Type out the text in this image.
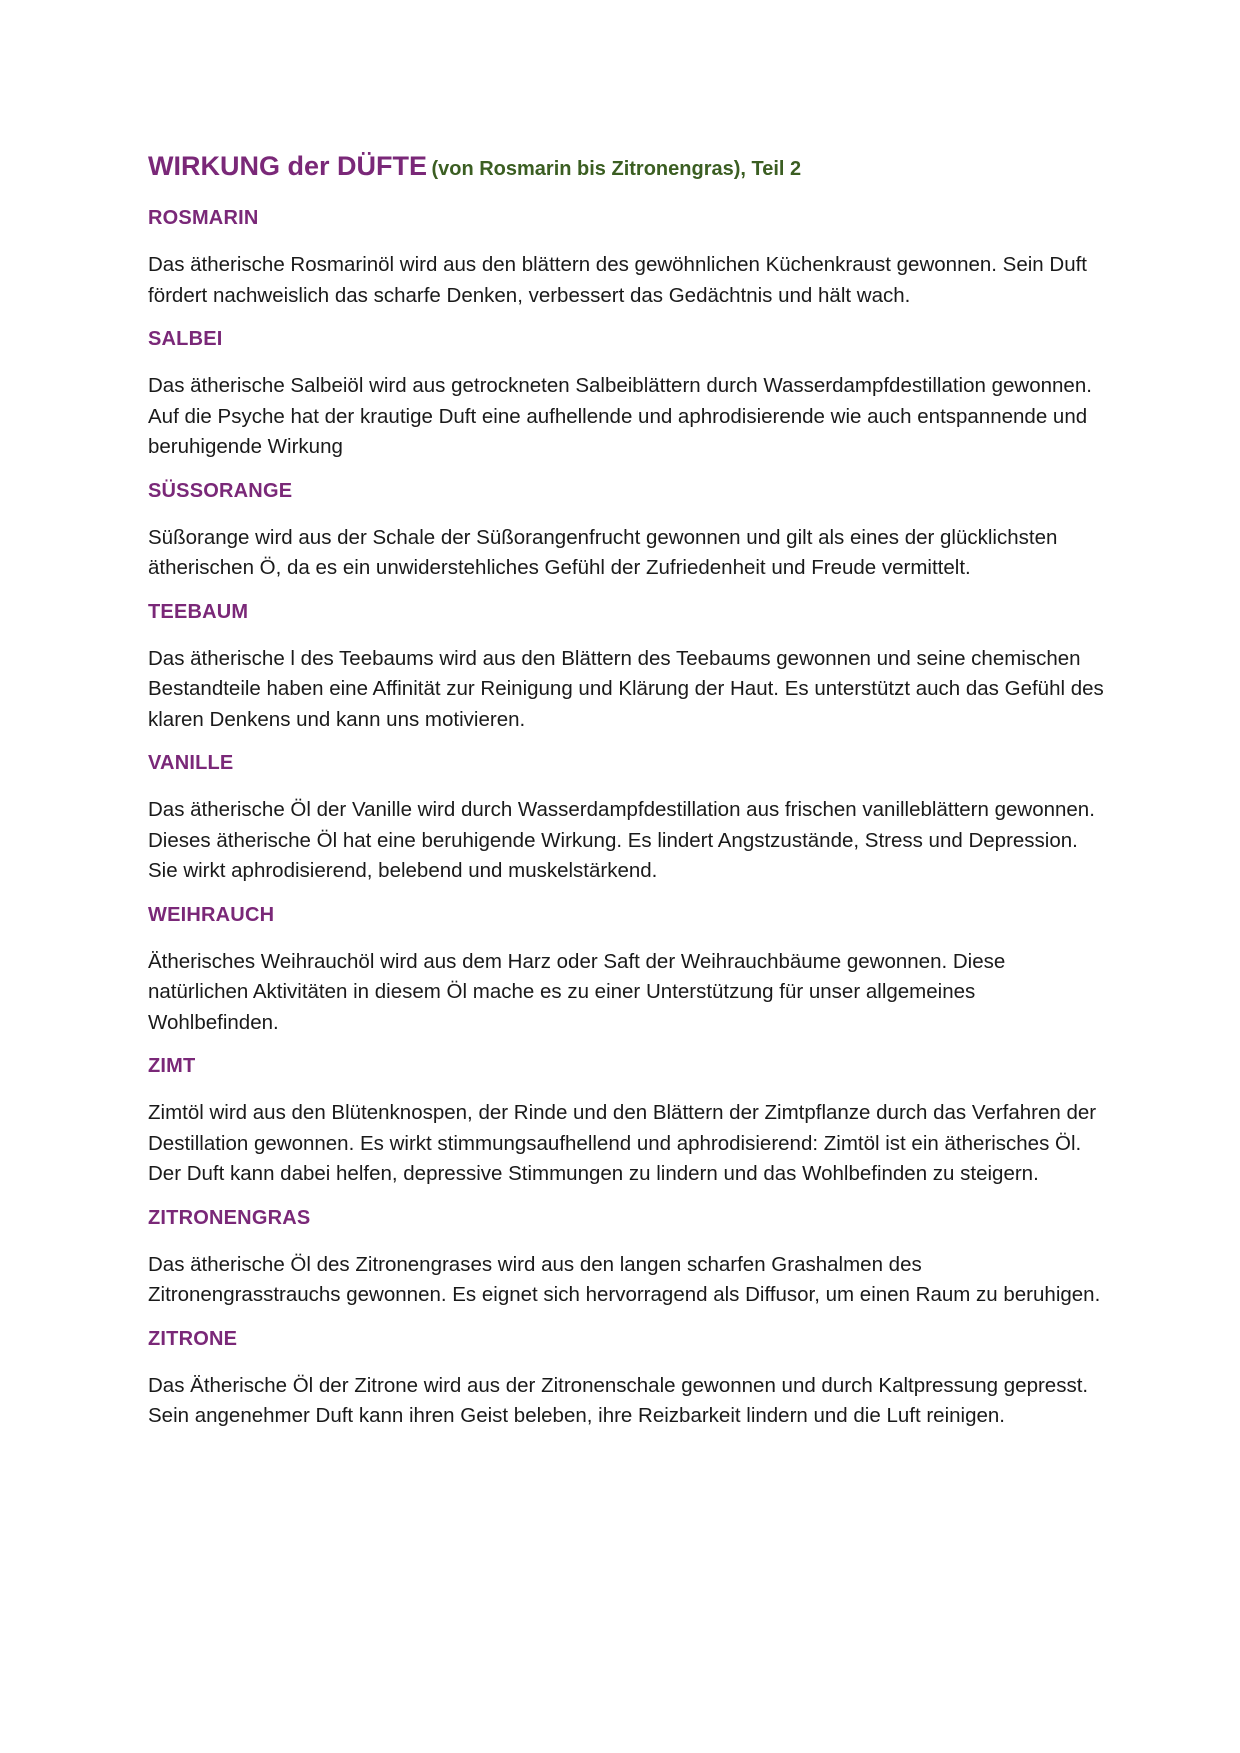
WIRKUNG der DÜFTE (von Rosmarin bis Zitronengras), Teil 2
ROSMARIN

Das ätherische Rosmarinöl wird aus den blättern des gewöhnlichen Küchenkraust gewonnen. Sein Duft fördert nachweislich das scharfe Denken, verbessert das Gedächtnis und hält wach.

SALBEI

Das ätherische Salbeiöl wird aus getrockneten Salbeiblättern durch Wasserdampfdestillation gewonnen. Auf die Psyche hat der krautige Duft eine aufhellende und aphrodisierende wie auch entspannende und beruhigende Wirkung

SÜSSORANGE

Süßorange wird aus der Schale der Süßorangenfrucht gewonnen und gilt als eines der glücklichsten ätherischen Ö, da es ein unwiderstehliches Gefühl der Zufriedenheit und Freude vermittelt.

TEEBAUM

Das ätherische l des Teebaums wird aus den Blättern des Teebaums gewonnen und seine chemischen Bestandteile haben eine Affinität zur Reinigung und Klärung der Haut. Es unterstützt auch das Gefühl des klaren Denkens und kann uns motivieren.

VANILLE

Das ätherische Öl der Vanille wird durch Wasserdampfdestillation aus frischen vanilleblättern gewonnen. Dieses ätherische Öl hat eine beruhigende Wirkung. Es lindert Angstzustände, Stress und Depression. Sie wirkt aphrodisierend, belebend und muskelstärkend.

WEIHRAUCH

Ätherisches Weihrauchöl wird aus dem Harz oder Saft der Weihrauchbäume gewonnen. Diese natürlichen Aktivitäten in diesem Öl mache es zu einer Unterstützung für unser allgemeines Wohlbefinden.

ZIMT

Zimtöl wird aus den Blütenknospen, der Rinde und den Blättern der Zimtpflanze durch das Verfahren der Destillation gewonnen. Es wirkt stimmungsaufhellend und aphrodisierend: Zimtöl ist ein ätherisches Öl. Der Duft kann dabei helfen, depressive Stimmungen zu lindern und das Wohlbefinden zu steigern.

ZITRONENGRAS

Das ätherische Öl des Zitronengrases wird aus den langen scharfen Grashalmen des Zitronengrasstrauchs gewonnen. Es eignet sich hervorragend als Diffusor, um einen Raum zu beruhigen.

ZITRONE

Das Ätherische Öl der Zitrone wird aus der Zitronenschale gewonnen und durch Kaltpressung gepresst. Sein angenehmer Duft kann ihren Geist beleben, ihre Reizbarkeit lindern und die Luft reinigen.
